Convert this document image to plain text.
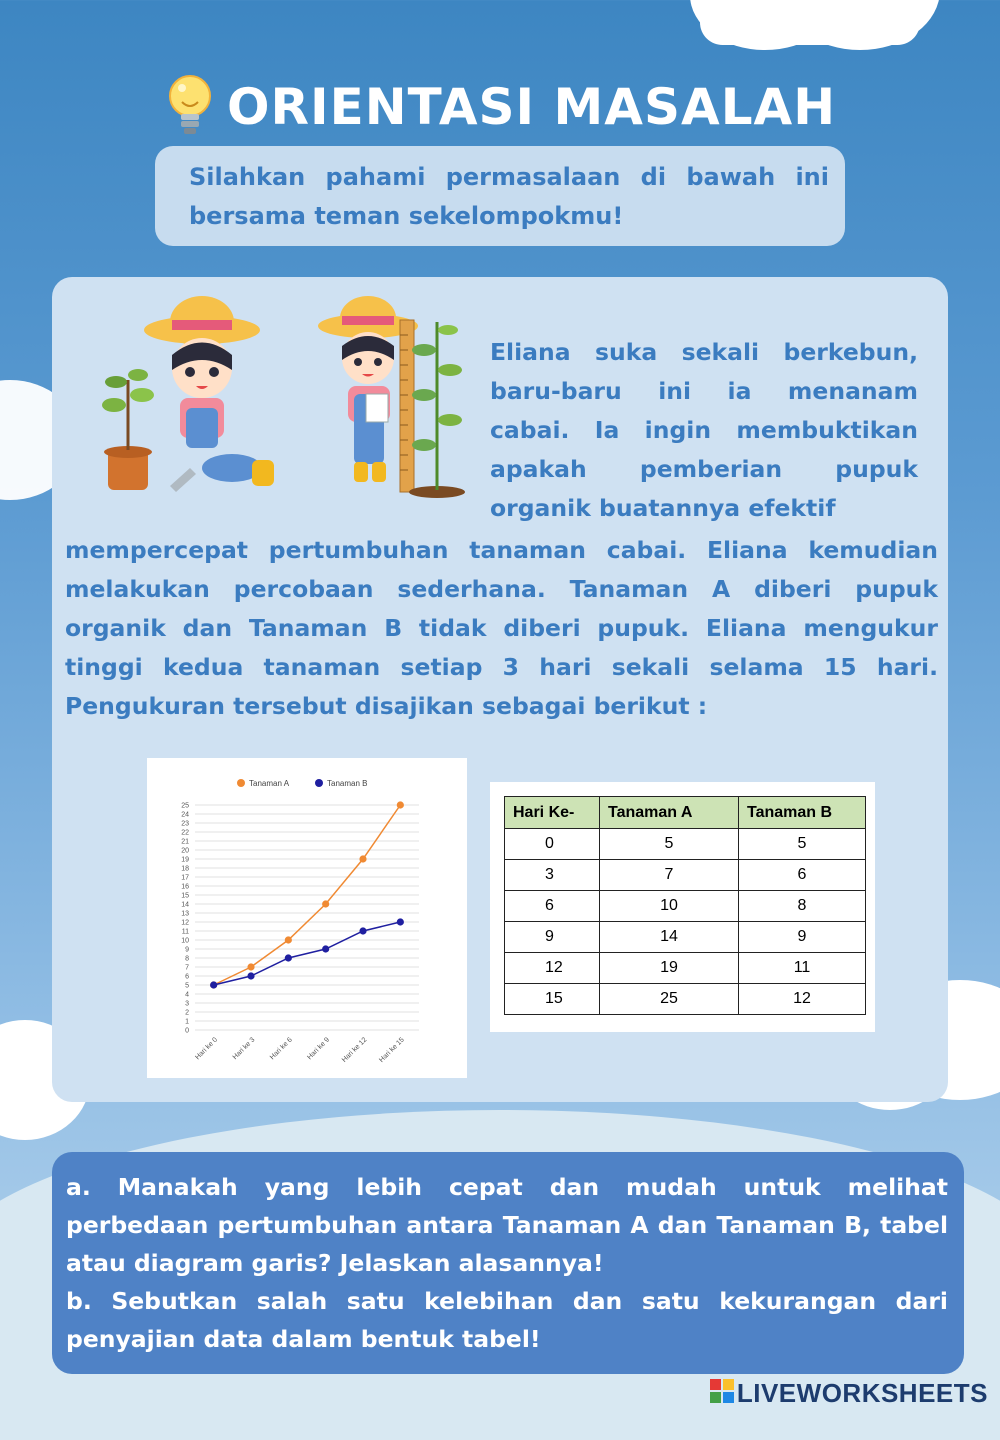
ORIENTASI MASALAH
Silahkan pahami permasalaan di bawah ini bersama teman sekelompokmu!
Eliana suka sekali berkebun,
baru-baru ini ia menanam
cabai. Ia ingin membuktikan
apakah pemberian pupuk
organik buatannya efektif
mempercepat pertumbuhan tanaman cabai. Eliana kemudian melakukan percobaan sederhana. Tanaman A diberi pupuk organik dan Tanaman B tidak diberi pupuk. Eliana mengukur tinggi kedua tanaman setiap 3 hari sekali selama 15 hari. Pengukuran tersebut disajikan sebagai berikut :
0
1
2
3
4
5
6
7
8
9
10
11
12
13
14
15
16
17
18
19
20
21
22
23
24
25
Hari ke 0 Hari ke 3 Hari ke 6 Hari ke 9 Hari ke 12 Hari ke 15
Tanaman A	Tanaman B
Hari Ke-	Tanaman A	Tanaman B
0	5	5
3	7	6
6	10	8
9	14	9
12	19	11
15	25	12

a. Manakah yang lebih cepat dan mudah untuk melihat perbedaan pertumbuhan antara Tanaman A dan Tanaman B, tabel atau diagram garis? Jelaskan alasannya!

b. Sebutkan salah satu kelebihan dan satu kekurangan dari penyajian data dalam bentuk tabel!

LIVEWORKSHEETS
